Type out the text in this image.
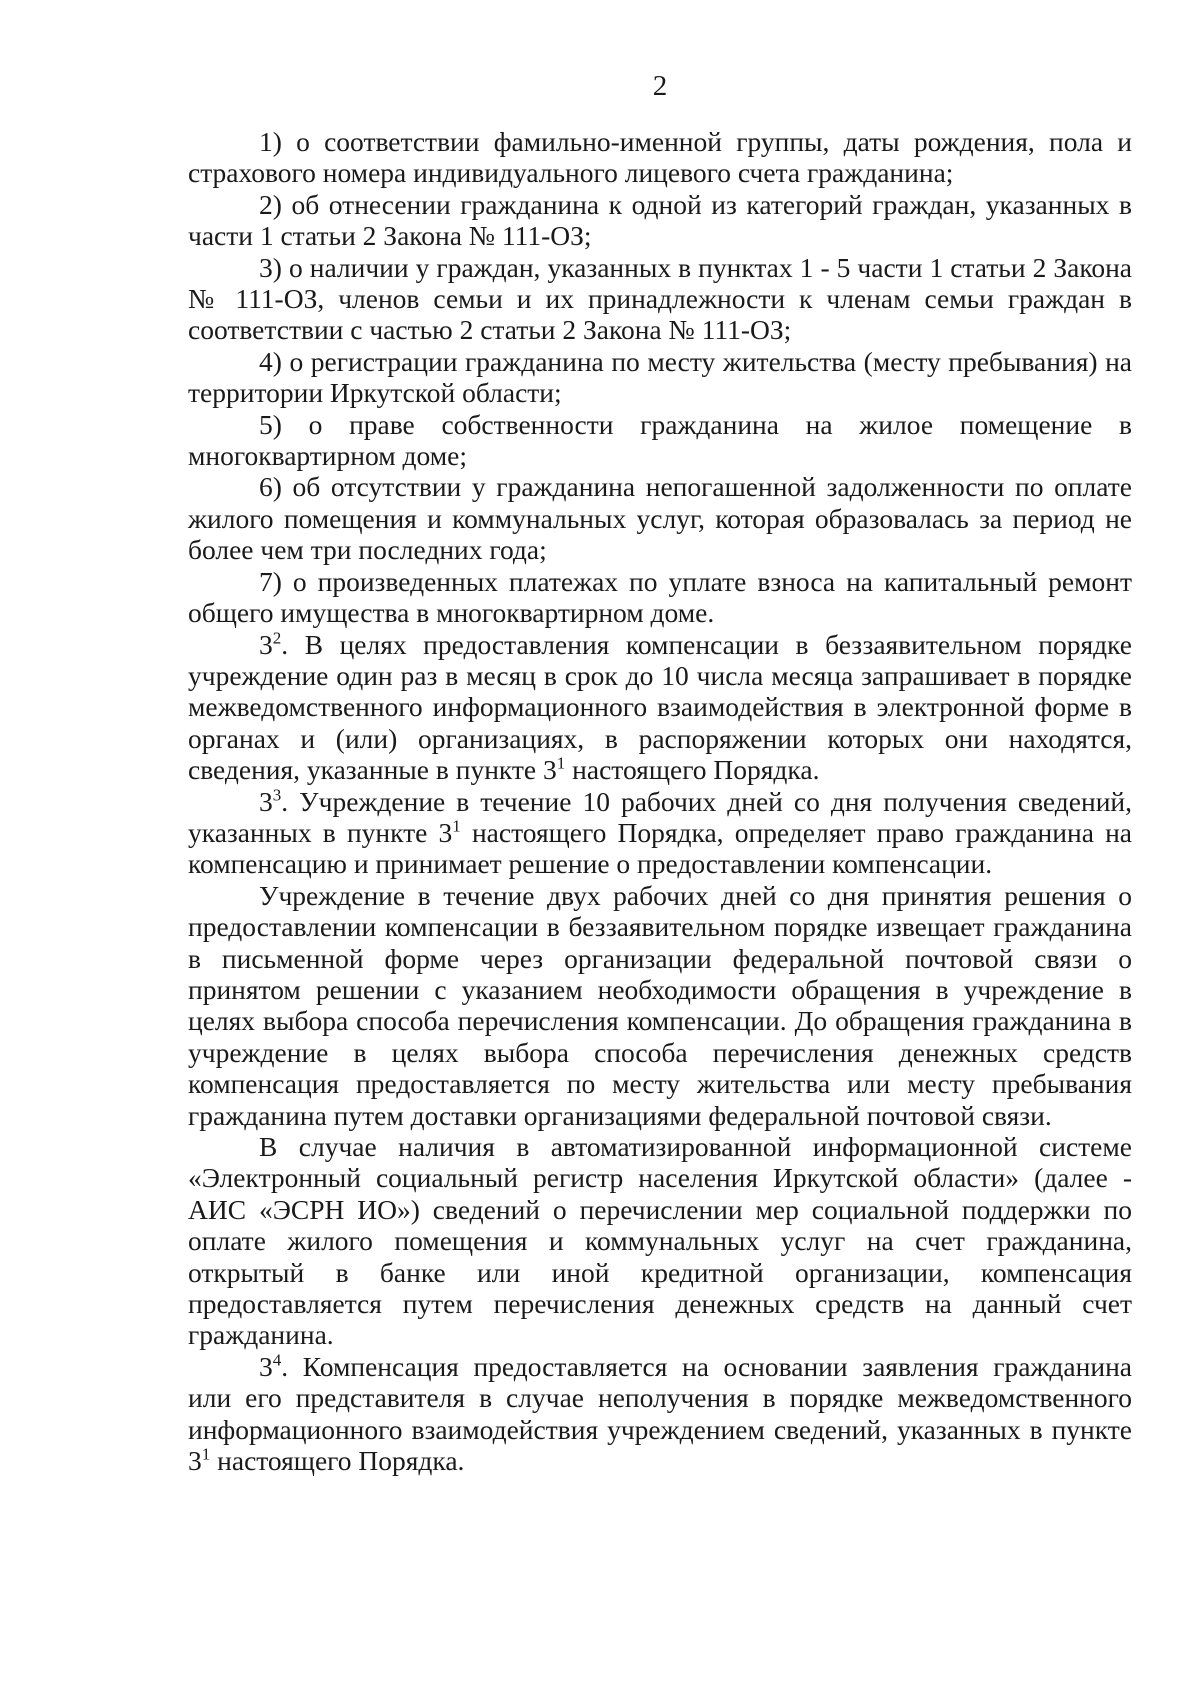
2

1) о соответствии фамильно-именной группы, даты рождения, пола и страхового номера индивидуального лицевого счета гражданина;

2) об отнесении гражданина к одной из категорий граждан, указанных в части 1 статьи 2 Закона № 111-ОЗ;

3) о наличии у граждан, указанных в пунктах 1 - 5 части 1 статьи 2 Закона № 111-ОЗ, членов семьи и их принадлежности к членам семьи граждан в соответствии с частью 2 статьи 2 Закона № 111-ОЗ;

4) о регистрации гражданина по месту жительства (месту пребывания) на территории Иркутской области;

5) о праве собственности гражданина на жилое помещение в многоквартирном доме;

6) об отсутствии у гражданина непогашенной задолженности по оплате жилого помещения и коммунальных услуг, которая образовалась за период не более чем три последних года;

7) о произведенных платежах по уплате взноса на капитальный ремонт общего имущества в многоквартирном доме.

$3^2$. В целях предоставления компенсации в беззаявительном порядке учреждение один раз в месяц в срок до 10 числа месяца запрашивает в порядке межведомственного информационного взаимодействия в электронной форме в органах и (или) организациях, в распоряжении которых они находятся, сведения, указанные в пункте $3^1$ настоящего Порядка.

$3^3$. Учреждение в течение 10 рабочих дней со дня получения сведений, указанных в пункте $3^1$ настоящего Порядка, определяет право гражданина на компенсацию и принимает решение о предоставлении компенсации.

Учреждение в течение двух рабочих дней со дня принятия решения о предоставлении компенсации в беззаявительном порядке извещает гражданина в письменной форме через организации федеральной почтовой связи о принятом решении с указанием необходимости обращения в учреждение в целях выбора способа перечисления компенсации. До обращения гражданина в учреждение в целях выбора способа перечисления денежных средств компенсация предоставляется по месту жительства или месту пребывания гражданина путем доставки организациями федеральной почтовой связи.

В случае наличия в автоматизированной информационной системе «Электронный социальный регистр населения Иркутской области» (далее - АИС «ЭСРН ИО») сведений о перечислении мер социальной поддержки по оплате жилого помещения и коммунальных услуг на счет гражданина, открытый в банке или иной кредитной организации, компенсация предоставляется путем перечисления денежных средств на данный счет гражданина.

$3^4$. Компенсация предоставляется на основании заявления гражданина или его представителя в случае неполучения в порядке межведомственного информационного взаимодействия учреждением сведений, указанных в пункте $3^1$ настоящего Порядка.
